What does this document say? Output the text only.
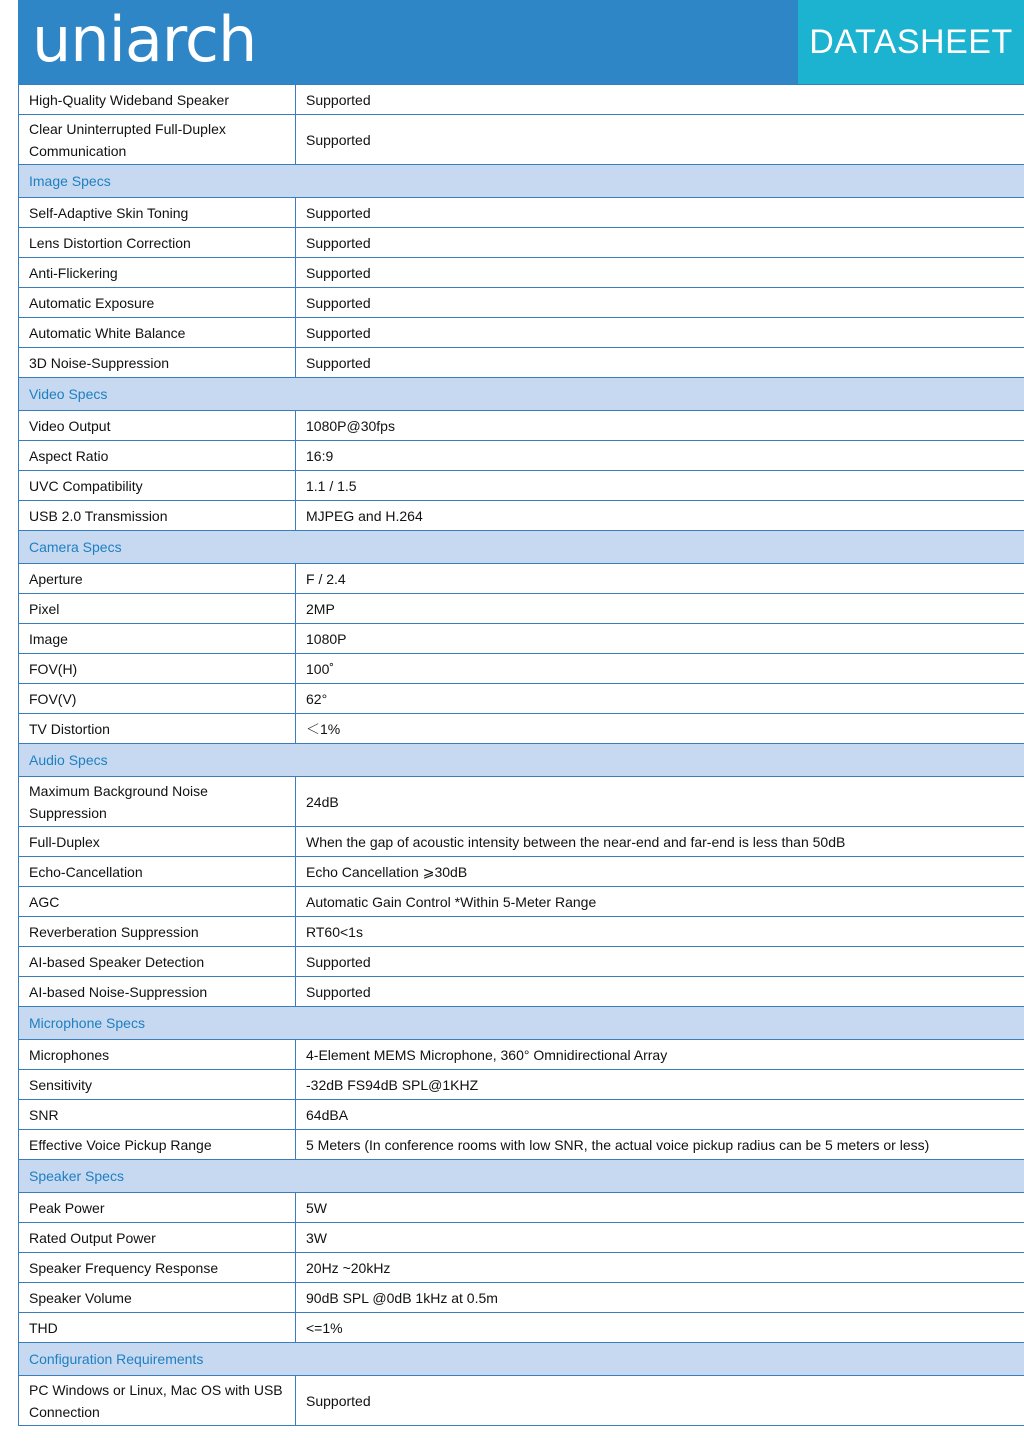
uniarch	DATASHEET
High-Quality Wideband Speaker	Supported
Clear Uninterrupted Full-Duplex Communication	Supported
Image Specs	
Self-Adaptive Skin Toning	Supported
Lens Distortion Correction	Supported
Anti-Flickering	Supported
Automatic Exposure	Supported
Automatic White Balance	Supported
3D Noise-Suppression	Supported
Video Specs	
Video Output	1080P@30fps
Aspect Ratio	16:9
UVC Compatibility	1.1 / 1.5
USB 2.0 Transmission	MJPEG and H.264
Camera Specs	
Aperture	F / 2.4
Pixel	2MP
Image	1080P
FOV(H)	100˚
FOV(V)	62°
TV Distortion	＜1%
Audio Specs	
Maximum Background Noise Suppression	24dB
Full-Duplex	When the gap of acoustic intensity between the near-end and far-end is less than 50dB
Echo-Cancellation	Echo Cancellation ⩾30dB
AGC	Automatic Gain Control *Within 5-Meter Range
Reverberation Suppression	RT60<1s
AI-based Speaker Detection	Supported
AI-based Noise-Suppression	Supported
Microphone Specs	
Microphones	4-Element MEMS Microphone, 360° Omnidirectional Array
Sensitivity	-32dB FS94dB SPL@1KHZ
SNR	64dBA
Effective Voice Pickup Range	5 Meters (In conference rooms with low SNR, the actual voice pickup radius can be 5 meters or less)
Speaker Specs	
Peak Power	5W
Rated Output Power	3W
Speaker Frequency Response	20Hz ~20kHz
Speaker Volume	90dB SPL @0dB 1kHz at 0.5m
THD	<=1%
Configuration Requirements	
PC Windows or Linux, Mac OS with USB Connection	Supported
